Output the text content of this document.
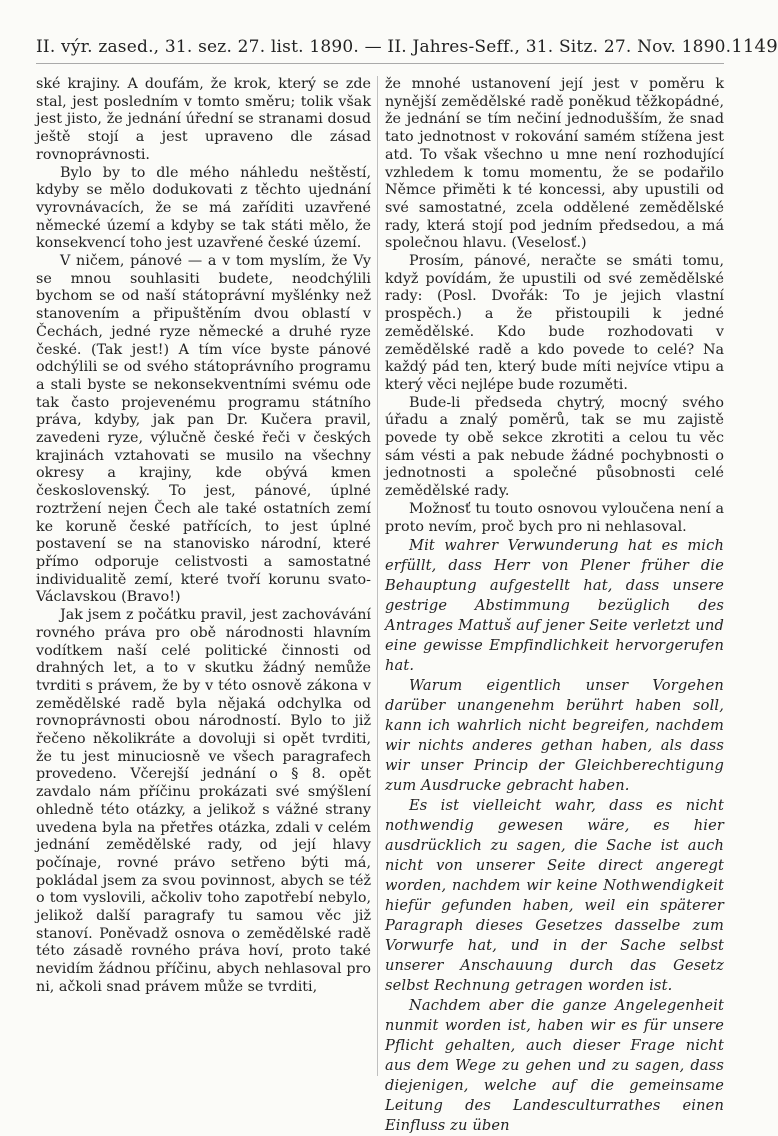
II. výr. zased., 31. sez. 27. list. 1890. — II. Jahres-Seff., 31. Sitz. 27. Nov. 1890. 1149

ské krajiny. A doufám, že krok, který se zde stal, jest posledním v tomto směru; tolik však jest jisto, že jednání úřední se stranami dosud ještě stojí a jest upraveno dle zásad rovnoprávnosti.

Bylo by to dle mého náhledu neštěstí, kdyby se mělo dodukovati z těchto ujednání vyrovnávacích, že se má zaříditi uzavřené německé území a kdyby se tak státi mělo, že konsekvencí toho jest uzavřené české území.

V ničem, pánové — a v tom myslím, že Vy se mnou souhlasiti budete, neodchýlili bychom se od naší státoprávní myšlénky než stanovením a připuštěním dvou oblastí v Čechách, jedné ryze německé a druhé ryze české. (Tak jest!) A tím více byste pánové odchýlili se od svého státoprávního programu a stali byste se nekonsekventními svému ode tak často projevenému programu státního práva, kdyby, jak pan Dr. Kučera pravil, zavedeni ryze, výlučně české řeči v českých krajinách vztahovati se musilo na všechny okresy a krajiny, kde obývá kmen československý. To jest, pánové, úplné roztržení nejen Čech ale také ostatních zemí ke koruně české patřících, to jest úplné postavení se na stanovisko národní, které přímo odporuje celistvosti a samostatné individualitě zemí, které tvoří korunu svato-Václavskou (Bravo!)

Jak jsem z počátku pravil, jest zachovávání rovného práva pro obě národnosti hlavním vodítkem naší celé politické činnosti od drahných let, a to v skutku žádný nemůže tvrditi s právem, že by v této osnově zákona v zemědělské radě byla nějaká odchylka od rovnoprávnosti obou národností. Bylo to již řečeno několikráte a dovoluji si opět tvrditi, že tu jest minuciosně ve všech paragrafech provedeno. Včerejší jednání o § 8. opět zavdalo nám příčinu prokázati své smýšlení ohledně této otázky, a jelikož s vážné strany uvedena byla na přetřes otázka, zdali v celém jednání zemědělské rady, od její hlavy počínaje, rovné právo setřeno býti má, pokládal jsem za svou povinnost, abych se též o tom vyslovili, ačkoliv toho zapotřebí nebylo, jelikož další paragrafy tu samou věc již stanoví. Poněvadž osnova o zemědělské radě této zásadě rovného práva hoví, proto také nevidím žádnou příčinu, abych nehlasoval pro ni, ačkoli snad právem může se tvrditi,

že mnohé ustanovení její jest v poměru k nynější zemědělské radě poněkud těžkopádné, že jednání se tím nečiní jednodušším, že snad tato jednotnost v rokování samém stížena jest atd. To však všechno u mne není rozhodující vzhledem k tomu momentu, že se podařilo Němce přiměti k té koncessi, aby upustili od své samostatné, zcela oddělené zemědělské rady, která stojí pod jedním předsedou, a má společnou hlavu. (Veselosť.)

Prosím, pánové, neračte se smáti tomu, když povídám, že upustili od své zemědělské rady: (Posl. Dvořák: To je jejich vlastní prospěch.) a že přistoupili k jedné zemědělské. Kdo bude rozhodovati v zemědělské radě a kdo povede to celé? Na každý pád ten, který bude míti nejvíce vtipu a který věci nejlépe bude rozuměti.

Bude-li předseda chytrý, mocný svého úřadu a znalý poměrů, tak se mu zajistě povede ty obě sekce zkrotiti a celou tu věc sám vésti a pak nebude žádné pochybnosti o jednotnosti a společné působnosti celé zemědělské rady.

Možnosť tu touto osnovou vyloučena není a proto nevím, proč bych pro ni nehlasoval.

Mit wahrer Verwunderung hat es mich erfüllt, dass Herr von Plener früher die Behauptung aufgestellt hat, dass unsere gestrige Abstimmung bezüglich des Antrages Mattuš auf jener Seite verletzt und eine gewisse Empfindlichkeit hervorgerufen hat.

Warum eigentlich unser Vorgehen darüber unangenehm berührt haben soll, kann ich wahrlich nicht begreifen, nachdem wir nichts anderes gethan haben, als dass wir unser Princip der Gleichberechtigung zum Ausdrucke gebracht haben.

Es ist vielleicht wahr, dass es nicht nothwendig gewesen wäre, es hier ausdrücklich zu sagen, die Sache ist auch nicht von unserer Seite direct angeregt worden, nachdem wir keine Nothwendigkeit hiefür gefunden haben, weil ein späterer Paragraph dieses Gesetzes dasselbe zum Vorwurfe hat, und in der Sache selbst unserer Anschauung durch das Gesetz selbst Rechnung getragen worden ist.

Nachdem aber die ganze Angelegenheit nunmit worden ist, haben wir es für unsere Pflicht gehalten, auch dieser Frage nicht aus dem Wege zu gehen und zu sagen, dass diejenigen, welche auf die gemeinsame Leitung des Landesculturrathes einen Einfluss zu üben
